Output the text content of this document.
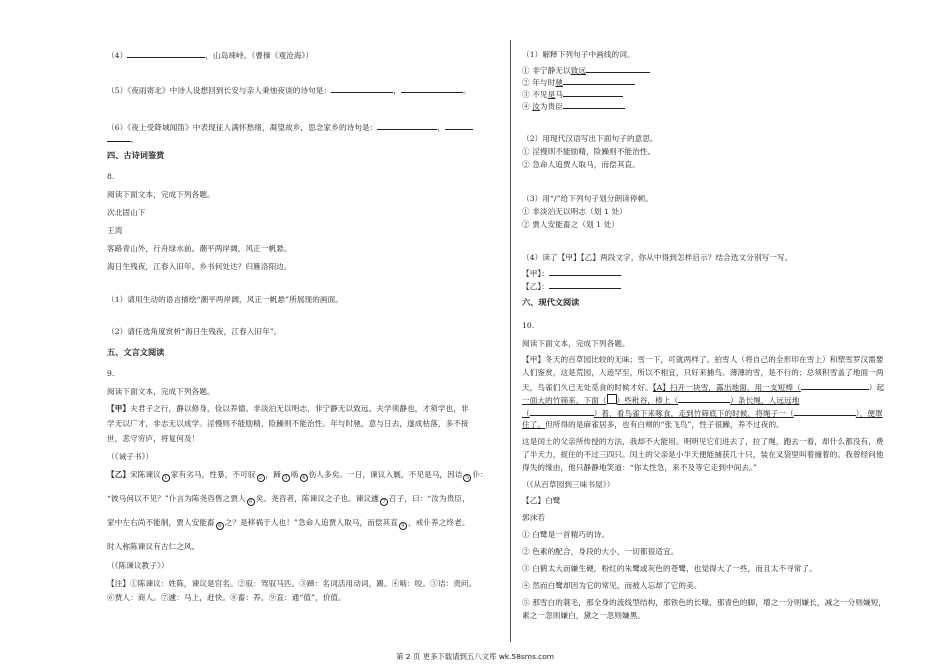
（4）	，山岛竦峙。（曹操《观沧海》）
（5）《夜雨寄北》中诗人设想回到长安与亲人秉烛夜谈的诗句是：	，	。
（6）《夜上受降城闻笛》中表现征人满怀愁绪，凝望故乡，思念家乡的诗句是：	，
。
四、古诗词鉴赏
8.
阅读下面文本，完成下列各题。
次北固山下
王湾
客路青山外，行舟绿水前。潮平两岸阔，风正一帆悬。
海日生残夜，江春入旧年。乡书何处达？归雁洛阳边。
（1）请用生动的语言描绘“潮平两岸阔，风正一帆悬”所展现的画面。
（2）请任选角度赏析“海日生残夜，江春入旧年”。
五、文言文阅读
9.
阅读下面文本，完成下列各题。
【甲】夫君子之行，静以修身，俭以养德。非淡泊无以明志，非宁静无以致远。夫学须静也，才须学也，非
学无以广才，非志无以成学。淫慢则不能励精，险躁则不能治性。年与时驰，意与日去，遂成枯落，多不接
世，悲守穷庐，将复何及！
（《诫子书》）
【乙】宋陈谏议 1 家有劣马，性暴，不可驭 2 ，蹄 3 啮 4 伤人多矣。一日，谏议入厩，不见是马，因诘 5 仆：
“彼马何以不见？”仆言为陈尧咨售之贾人 6 矣。尧咨者，陈谏议之子也。谏议遽 7 召子，曰：“汝为贵臣，
家中左右尚不能制，贾人安能畜 8 之？是移祸于人也！”急命人追贾人取马，而偿其直 9 ，戒仆养之终老。
时人称陈谏议有古仁之风。
（《陈谏议教子》）
【注】①陈谏议：姓陈，谏议是官名。②驭：驾驭马匹。③蹄：名词活用动词，踢。④啮：咬。⑤诘：责问。
⑥贾人：商人。⑦遽：马上，赶快。⑧畜：养。⑨直：通“值”，价值。
（1）解释下列句子中画线的词。
① 非宁静无以致远
② 年与时驰
③ 不见是马
④ 汝为贵臣
（2）用现代汉语写出下面句子的意思。
① 淫慢则不能励精，险躁则不能治性。
② 急命人追贾人取马，而偿其直。
（3）用“/”给下列句子划分朗读停顿。
① 非淡泊无以明志（划 1 处）
② 贾人安能畜之（划 1 处）
（4）读了【甲】【乙】两段文字，你从中得到怎样启示？结合选文分别写一写。
【甲】：
【乙】：
六、现代文阅读
10.
阅读下面文本，完成下列各题。
【甲】冬天的百草园比较的无味；雪一下，可就两样了。拍雪人（将自己的全形印在雪上）和塑雪罗汉需要
人们鉴赏，这是荒园，人迹罕至，所以不相宜，只好来捕鸟。薄薄的雪，是不行的；总须积雪盖了地面一两
天，鸟雀们久已无处觅食的时候才好。【A】扫开一块雪，露出地面，用一支短棒（	）起
一面大的竹筛来，下面（ ）些秕谷，棒上（	）条长绳，人远远地
（	）着，看鸟雀下来啄食，走到竹筛底下的时候，将绳子一（	），便罩
住了。但所得的是麻雀居多，也有白颊的“张飞鸟”，性子很躁，养不过夜的。
这是闰土的父亲所传授的方法，我却不大能用。明明见它们进去了，拉了绳，跑去一看，却什么都没有，费
了半天力，捉住的不过三四只。闰土的父亲是小半天便能捕获几十只，装在叉袋里叫着撞着的。我曾经问他
得失的缘由，他只静静地笑道：“你太性急，来不及等它走到中间去。”
（《从百草园到三味书屋》）
【乙】白鹭
郭沫若
① 白鹭是一首精巧的诗。
② 色素的配合，身段的大小，一切都很适宜。
③ 白鹤太大而嫌生硬，粉红的朱鹭或灰色的苍鹭，也觉得大了一些，而且太不寻常了。
④ 然而白鹭却因为它的常见，而被人忘却了它的美。
⑤ 那雪白的蓑毛，那全身的流线型结构，那铁色的长喙，那青色的脚，增之一分则嫌长，减之一分则嫌短，
素之一忽则嫌白，黛之一忽则嫌黑。
第 2 页 更多下载请到五八文库 wk.58sms.com
